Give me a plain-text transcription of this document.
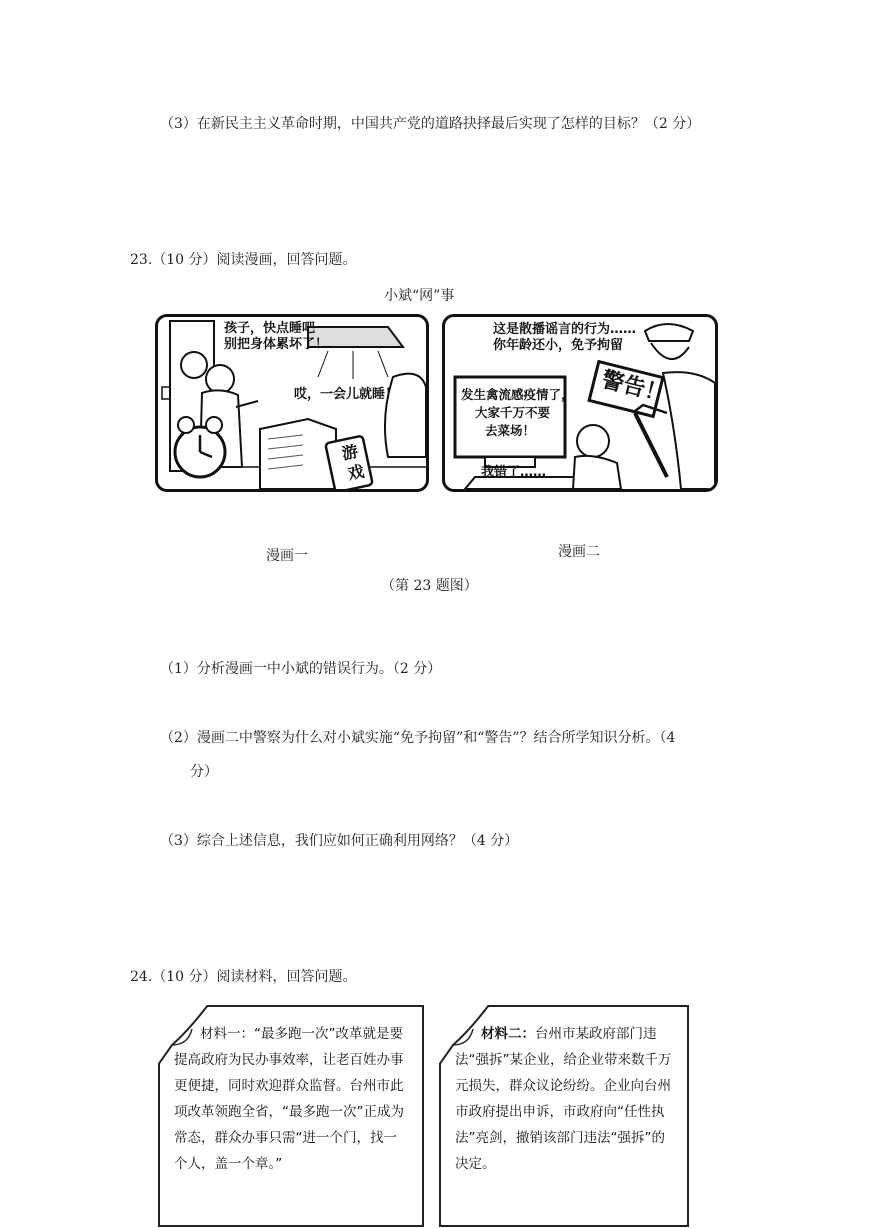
（3）在新民主主义革命时期，中国共产党的道路抉择最后实现了怎样的目标？（2 分）
23.（10 分）阅读漫画，回答问题。
小斌“网”事
孩子，快点睡吧
别把身体累坏了！
哎，一会儿就睡！
游
戏
这是散播谣言的行为……
你年龄还小，免予拘留
发生禽流感疫情了，
大家千万不要
去菜场！
警告！
我错了……
漫画一	漫画二
（第 23 题图）
（1）分析漫画一中小斌的错误行为。（2 分）
（2）漫画二中警察为什么对小斌实施“免予拘留”和“警告”？结合所学知识分析。（4
分）
（3）综合上述信息，我们应如何正确利用网络？（4 分）
24.（10 分）阅读材料，回答问题。
材料一：“最多跑一次”改革就是要提高政府为民办事效率，让老百姓办事更便捷，同时欢迎群众监督。台州市此项改革领跑全省，“最多跑一次”正成为常态，群众办事只需“进一个门，找一个人，盖一个章。”
材料二：台州市某政府部门违法“强拆”某企业，给企业带来数千万元损失，群众议论纷纷。企业向台州市政府提出申诉，市政府向“任性执法”亮剑，撤销该部门违法“强拆”的决定。
